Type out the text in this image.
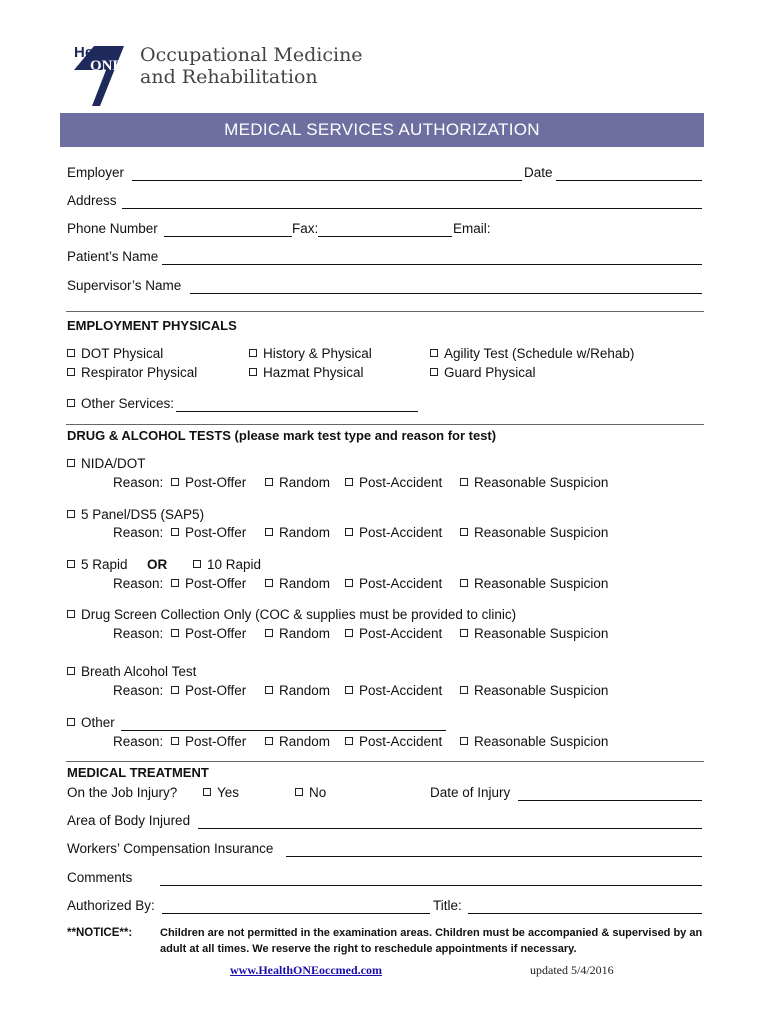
Health
ONE Occupational Medicine
and Rehabilitation
MEDICAL SERVICES AUTHORIZATION
Employer	Date
Address
Phone Number	Fax:	Email:
Patient’s Name
Supervisor’s Name
EMPLOYMENT PHYSICALS
DOT Physical	History & Physical	Agility Test (Schedule w/Rehab)
Respirator Physical	Hazmat Physical	Guard Physical
Other Services:
DRUG & ALCOHOL TESTS (please mark test type and reason for test)
NIDA/DOT
Reason:	Post-Offer	Random	Post-Accident	Reasonable Suspicion
5 Panel/DS5 (SAP5)
Reason:	Post-Offer	Random	Post-Accident	Reasonable Suspicion
5 Rapid OR	10 Rapid
Reason:	Post-Offer	Random	Post-Accident	Reasonable Suspicion
Drug Screen Collection Only (COC & supplies must be provided to clinic)
Reason:	Post-Offer	Random	Post-Accident	Reasonable Suspicion
Breath Alcohol Test
Reason:	Post-Offer	Random	Post-Accident	Reasonable Suspicion
Other
Reason:	Post-Offer	Random	Post-Accident	Reasonable Suspicion
MEDICAL TREATMENT
On the Job Injury?	Yes	No	Date of Injury
Area of Body Injured
Workers’ Compensation Insurance
Comments
Authorized By:	Title:
**NOTICE**:	Children are not permitted in the examination areas. Children must be accompanied & supervised by an
adult at all times. We reserve the right to reschedule appointments if necessary.
www.HealthONEoccmed.com	updated 5/4/2016
